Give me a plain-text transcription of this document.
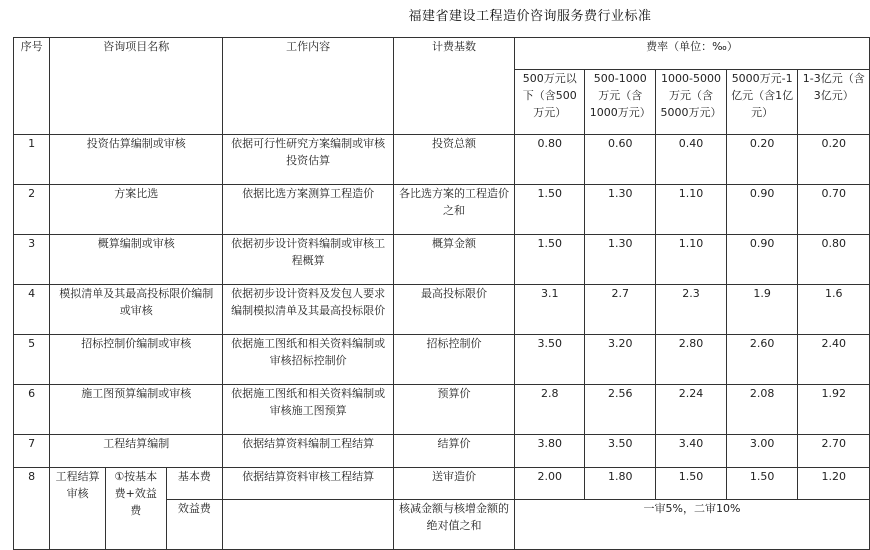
福建省建设工程造价咨询服务费行业标准
序号	咨询项目名称			工作内容	计费基数	费率（单位：‰）				
						500万元以下（含500万元）	500-1000万元（含1000万元）	1000-5000万元（含5000万元）	5000万元-1亿元（含1亿元）	1-3亿元（含3亿元）
1	投资估算编制或审核			依据可行性研究方案编制或审核投资估算	投资总额	0.80	0.60	0.40	0.20	0.20
2	方案比选			依据比选方案测算工程造价	各比选方案的工程造价之和	1.50	1.30	1.10	0.90	0.70
3	概算编制或审核			依据初步设计资料编制或审核工程概算	概算金额	1.50	1.30	1.10	0.90	0.80
4	模拟清单及其最高投标限价编制或审核			依据初步设计资料及发包人要求编制模拟清单及其最高投标限价	最高投标限价	3.1	2.7	2.3	1.9	1.6
5	招标控制价编制或审核			依据施工图纸和相关资料编制或审核招标控制价	招标控制价	3.50	3.20	2.80	2.60	2.40
6	施工图预算编制或审核			依据施工图纸和相关资料编制或审核施工图预算	预算价	2.8	2.56	2.24	2.08	1.92
7	工程结算编制			依据结算资料编制工程结算	结算价	3.80	3.50	3.40	3.00	2.70
8	工程结算审核	①按基本费+效益费	基本费	依据结算资料审核工程结算	送审造价	2.00	1.80	1.50	1.50	1.20
			效益费		核减金额与核增金额的绝对值之和	一审5%，二审10%				
